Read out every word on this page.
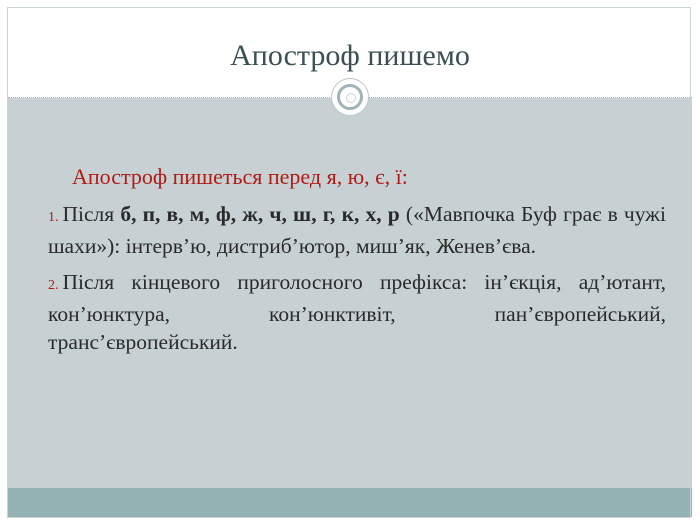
Апостроф пишемо
Апостроф пишеться перед я, ю, є, ї:
1. Після б, п, в, м, ф, ж, ч, ш, г, к, х, р («Мавпочка Буф грає в чужі шахи»): інтерв’ю, дистриб’ютор, миш’як, Женев’єва.
2. Після кінцевого приголосного префікса: ін’єкція, ад’ютант, кон’юнктура, кон’юнктивіт, пан’європейський, транс’європейський.
